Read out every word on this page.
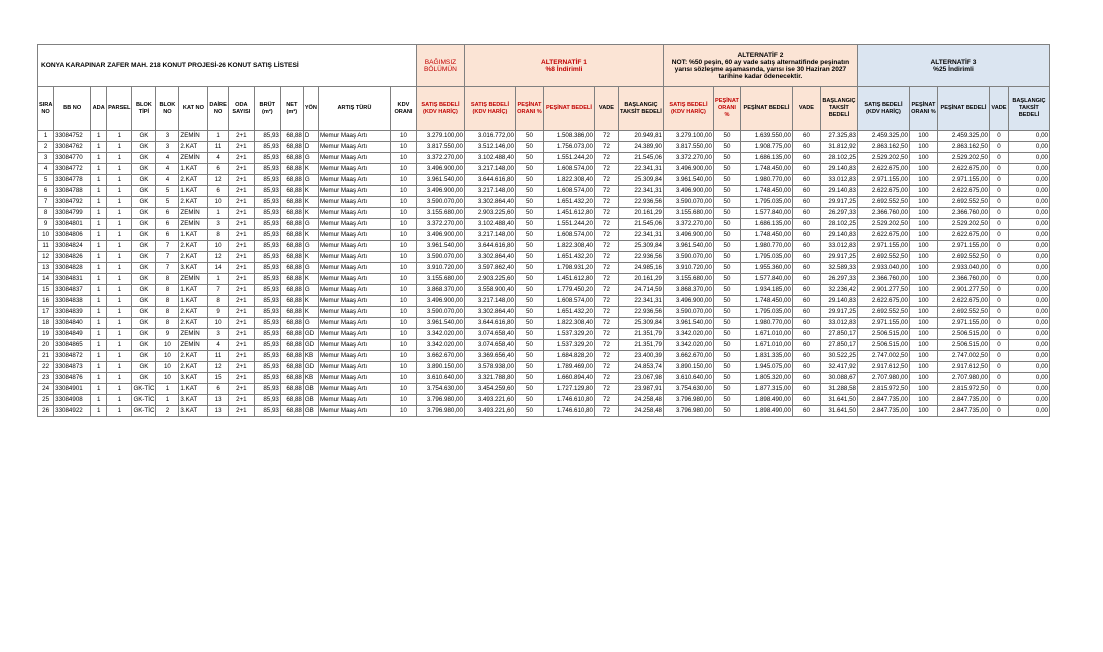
KONYA KARAPINAR ZAFER MAH. 218 KONUT PROJESİ-26 KONUT SATIŞ LİSTESİ														BAĞIMSIZ BÖLÜMÜN	ALTERNATİF 1
%8 İndirimli					ALTERNATİF 2
NOT: %50 peşin, 60 ay vade satış alternatifinde peşinatın yarısı sözleşme aşamasında, yarısı ise 30 Haziran 2027 tarihine kadar ödenecektir.					ALTERNATİF 3
%25 İndirimli				
SIRA NO	BB NO	ADA	PARSEL	BLOK TİPİ	BLOK NO	KAT NO	DAİRE NO	ODA SAYISI	BRÜT (m²)	NET (m²)	YÖN	ARTIŞ TÜRÜ	KDV ORANI	SATIŞ BEDELİ (KDV HARİÇ)	SATIŞ BEDELİ (KDV HARİÇ)	PEŞİNAT ORANI %	PEŞİNAT BEDELİ	VADE	BAŞLANGIÇ TAKSİT BEDELİ	SATIŞ BEDELİ (KDV HARİÇ)	PEŞİNAT ORANI %	PEŞİNAT BEDELİ	VADE	BAŞLANGIÇ TAKSİT BEDELİ	SATIŞ BEDELİ (KDV HARİÇ)	PEŞİNAT ORANI %	PEŞİNAT BEDELİ	VADE	BAŞLANGIÇ TAKSİT BEDELİ
1	33084752	1	1	GK	3	ZEMİN	1	2+1	85,93	68,88	D	Memur Maaş Artı	10	3.279.100,00	3.016.772,00	50	1.508.386,00	72	20.949,81	3.279.100,00	50	1.639.550,00	60	27.325,83	2.459.325,00	100	2.459.325,00	0	0,00
2	33084762	1	1	GK	3	2.KAT	11	2+1	85,93	68,88	D	Memur Maaş Artı	10	3.817.550,00	3.512.146,00	50	1.756.073,00	72	24.389,90	3.817.550,00	50	1.908.775,00	60	31.812,92	2.863.162,50	100	2.863.162,50	0	0,00
3	33084770	1	1	GK	4	ZEMİN	4	2+1	85,93	68,88	G	Memur Maaş Artı	10	3.372.270,00	3.102.488,40	50	1.551.244,20	72	21.545,06	3.372.270,00	50	1.686.135,00	60	28.102,25	2.529.202,50	100	2.529.202,50	0	0,00
4	33084772	1	1	GK	4	1.KAT	6	2+1	85,93	68,88	K	Memur Maaş Artı	10	3.496.900,00	3.217.148,00	50	1.608.574,00	72	22.341,31	3.496.900,00	50	1.748.450,00	60	29.140,83	2.622.675,00	100	2.622.675,00	0	0,00
5	33084778	1	1	GK	4	2.KAT	12	2+1	85,93	68,88	G	Memur Maaş Artı	10	3.961.540,00	3.644.616,80	50	1.822.308,40	72	25.309,84	3.961.540,00	50	1.980.770,00	60	33.012,83	2.971.155,00	100	2.971.155,00	0	0,00
6	33084788	1	1	GK	5	1.KAT	6	2+1	85,93	68,88	K	Memur Maaş Artı	10	3.496.900,00	3.217.148,00	50	1.608.574,00	72	22.341,31	3.496.900,00	50	1.748.450,00	60	29.140,83	2.622.675,00	100	2.622.675,00	0	0,00
7	33084792	1	1	GK	5	2.KAT	10	2+1	85,93	68,88	K	Memur Maaş Artı	10	3.590.070,00	3.302.864,40	50	1.651.432,20	72	22.936,56	3.590.070,00	50	1.795.035,00	60	29.917,25	2.692.552,50	100	2.692.552,50	0	0,00
8	33084799	1	1	GK	6	ZEMİN	1	2+1	85,93	68,88	K	Memur Maaş Artı	10	3.155.680,00	2.903.225,60	50	1.451.612,80	72	20.161,29	3.155.680,00	50	1.577.840,00	60	26.297,33	2.366.760,00	100	2.366.760,00	0	0,00
9	33084801	1	1	GK	6	ZEMİN	3	2+1	85,93	68,88	G	Memur Maaş Artı	10	3.372.270,00	3.102.488,40	50	1.551.244,20	72	21.545,06	3.372.270,00	50	1.686.135,00	60	28.102,25	2.529.202,50	100	2.529.202,50	0	0,00
10	33084806	1	1	GK	6	1.KAT	8	2+1	85,93	68,88	K	Memur Maaş Artı	10	3.496.900,00	3.217.148,00	50	1.608.574,00	72	22.341,31	3.496.900,00	50	1.748.450,00	60	29.140,83	2.622.675,00	100	2.622.675,00	0	0,00
11	33084824	1	1	GK	7	2.KAT	10	2+1	85,93	68,88	G	Memur Maaş Artı	10	3.961.540,00	3.644.616,80	50	1.822.308,40	72	25.309,84	3.961.540,00	50	1.980.770,00	60	33.012,83	2.971.155,00	100	2.971.155,00	0	0,00
12	33084826	1	1	GK	7	2.KAT	12	2+1	85,93	68,88	K	Memur Maaş Artı	10	3.590.070,00	3.302.864,40	50	1.651.432,20	72	22.936,56	3.590.070,00	50	1.795.035,00	60	29.917,25	2.692.552,50	100	2.692.552,50	0	0,00
13	33084828	1	1	GK	7	3.KAT	14	2+1	85,93	68,88	G	Memur Maaş Artı	10	3.910.720,00	3.597.862,40	50	1.798.931,20	72	24.985,16	3.910.720,00	50	1.955.360,00	60	32.589,33	2.933.040,00	100	2.933.040,00	0	0,00
14	33084831	1	1	GK	8	ZEMİN	1	2+1	85,93	68,88	K	Memur Maaş Artı	10	3.155.680,00	2.903.225,60	50	1.451.612,80	72	20.161,29	3.155.680,00	50	1.577.840,00	60	26.297,33	2.366.760,00	100	2.366.760,00	0	0,00
15	33084837	1	1	GK	8	1.KAT	7	2+1	85,93	68,88	G	Memur Maaş Artı	10	3.868.370,00	3.558.900,40	50	1.779.450,20	72	24.714,59	3.868.370,00	50	1.934.185,00	60	32.236,42	2.901.277,50	100	2.901.277,50	0	0,00
16	33084838	1	1	GK	8	1.KAT	8	2+1	85,93	68,88	K	Memur Maaş Artı	10	3.496.900,00	3.217.148,00	50	1.608.574,00	72	22.341,31	3.496.900,00	50	1.748.450,00	60	29.140,83	2.622.675,00	100	2.622.675,00	0	0,00
17	33084839	1	1	GK	8	2.KAT	9	2+1	85,93	68,88	K	Memur Maaş Artı	10	3.590.070,00	3.302.864,40	50	1.651.432,20	72	22.936,56	3.590.070,00	50	1.795.035,00	60	29.917,25	2.692.552,50	100	2.692.552,50	0	0,00
18	33084840	1	1	GK	8	2.KAT	10	2+1	85,93	68,88	G	Memur Maaş Artı	10	3.961.540,00	3.644.616,80	50	1.822.308,40	72	25.309,84	3.961.540,00	50	1.980.770,00	60	33.012,83	2.971.155,00	100	2.971.155,00	0	0,00
19	33084849	1	1	GK	9	ZEMİN	3	2+1	85,93	68,88	GD	Memur Maaş Artı	10	3.342.020,00	3.074.658,40	50	1.537.329,20	72	21.351,79	3.342.020,00	50	1.671.010,00	60	27.850,17	2.506.515,00	100	2.506.515,00	0	0,00
20	33084865	1	1	GK	10	ZEMİN	4	2+1	85,93	68,88	GD	Memur Maaş Artı	10	3.342.020,00	3.074.658,40	50	1.537.329,20	72	21.351,79	3.342.020,00	50	1.671.010,00	60	27.850,17	2.506.515,00	100	2.506.515,00	0	0,00
21	33084872	1	1	GK	10	2.KAT	11	2+1	85,93	68,88	KB	Memur Maaş Artı	10	3.662.670,00	3.369.656,40	50	1.684.828,20	72	23.400,39	3.662.670,00	50	1.831.335,00	60	30.522,25	2.747.002,50	100	2.747.002,50	0	0,00
22	33084873	1	1	GK	10	2.KAT	12	2+1	85,93	68,88	GD	Memur Maaş Artı	10	3.890.150,00	3.578.938,00	50	1.789.469,00	72	24.853,74	3.890.150,00	50	1.945.075,00	60	32.417,92	2.917.612,50	100	2.917.612,50	0	0,00
23	33084876	1	1	GK	10	3.KAT	15	2+1	85,93	68,88	KB	Memur Maaş Artı	10	3.610.640,00	3.321.788,80	50	1.660.894,40	72	23.067,98	3.610.640,00	50	1.805.320,00	60	30.088,67	2.707.980,00	100	2.707.980,00	0	0,00
24	33084901	1	1	GK-TİC	1	1.KAT	6	2+1	85,93	68,88	GB	Memur Maaş Artı	10	3.754.630,00	3.454.259,60	50	1.727.129,80	72	23.987,91	3.754.630,00	50	1.877.315,00	60	31.288,58	2.815.972,50	100	2.815.972,50	0	0,00
25	33084908	1	1	GK-TİC	1	3.KAT	13	2+1	85,93	68,88	GB	Memur Maaş Artı	10	3.796.980,00	3.493.221,60	50	1.746.610,80	72	24.258,48	3.796.980,00	50	1.898.490,00	60	31.641,50	2.847.735,00	100	2.847.735,00	0	0,00
26	33084922	1	1	GK-TİC	2	3.KAT	13	2+1	85,93	68,88	GB	Memur Maaş Artı	10	3.796.980,00	3.493.221,60	50	1.746.610,80	72	24.258,48	3.796.980,00	50	1.898.490,00	60	31.641,50	2.847.735,00	100	2.847.735,00	0	0,00
